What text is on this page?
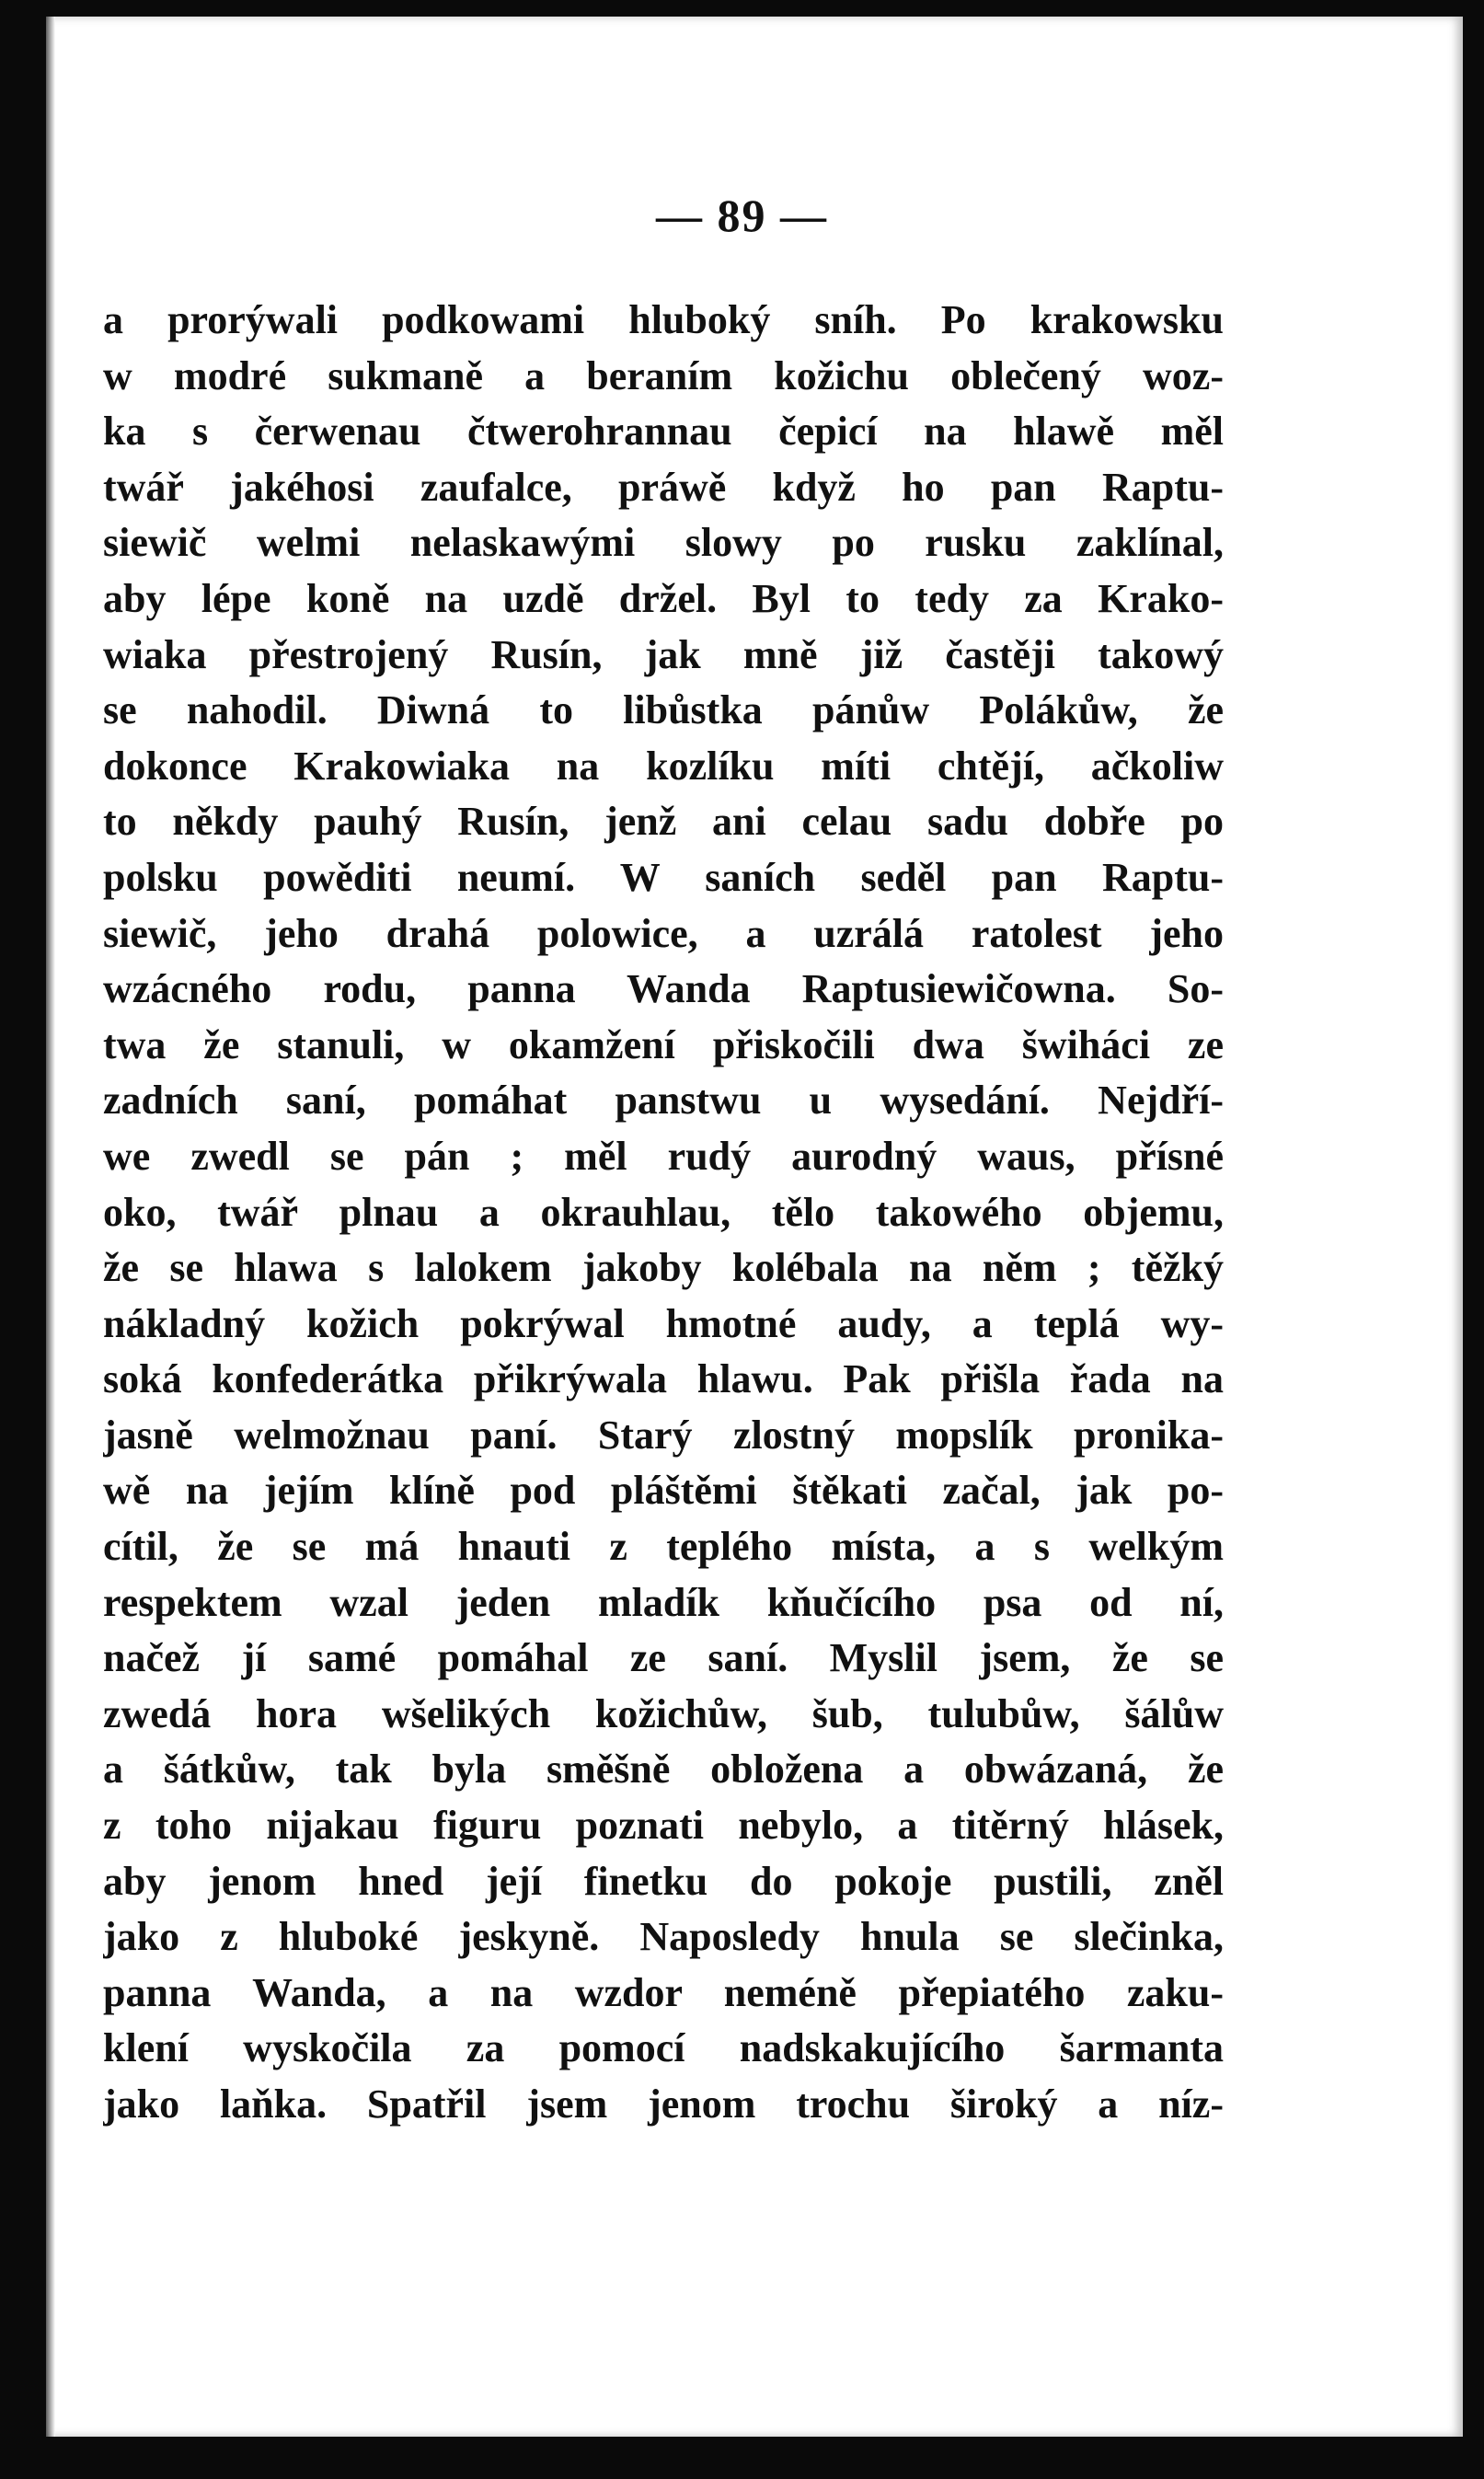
— 89 —
a prorýwali podkowami hluboký sníh. Po krakowsku
w modré sukmaně a beraním kožichu oblečený woz-
ka s čerwenau čtwerohrannau čepicí na hlawě měl
twář jakéhosi zaufalce, práwě když ho pan Raptu-
siewič welmi nelaskawými slowy po rusku zaklínal,
aby lépe koně na uzdě držel. Byl to tedy za Krako-
wiaka přestrojený Rusín, jak mně již častěji takowý
se nahodil. Diwná to libůstka pánůw Polákůw, že
dokonce Krakowiaka na kozlíku míti chtějí, ačkoliw
to někdy pauhý Rusín, jenž ani celau sadu dobře po
polsku powěditi neumí. W saních seděl pan Raptu-
siewič, jeho drahá polowice, a uzrálá ratolest jeho
wzácného rodu, panna Wanda Raptusiewičowna. So-
twa že stanuli, w okamžení přiskočili dwa šwiháci ze
zadních saní, pomáhat panstwu u wysedání. Nejdří-
we zwedl se pán ; měl rudý aurodný waus, přísné
oko, twář plnau a okrauhlau, tělo takowého objemu,
že se hlawa s lalokem jakoby kolébala na něm ; těžký
nákladný kožich pokrýwal hmotné audy, a teplá wy-
soká konfederátka přikrýwala hlawu. Pak přišla řada na
jasně welmožnau paní. Starý zlostný mopslík pronika-
wě na jejím klíně pod pláštěmi štěkati začal, jak po-
cítil, že se má hnauti z teplého místa, a s welkým
respektem wzal jeden mladík kňučícího psa od ní,
načež jí samé pomáhal ze saní. Myslil jsem, že se
zwedá hora wšelikých kožichůw, šub, tulubůw, šálůw
a šátkůw, tak byla směšně obložena a obwázaná, že
z toho nijakau figuru poznati nebylo, a titěrný hlásek,
aby jenom hned její finetku do pokoje pustili, zněl
jako z hluboké jeskyně. Naposledy hnula se slečinka,
panna Wanda, a na wzdor neméně přepiatého zaku-
klení wyskočila za pomocí nadskakujícího šarmanta
jako laňka. Spatřil jsem jenom trochu široký a níz-
